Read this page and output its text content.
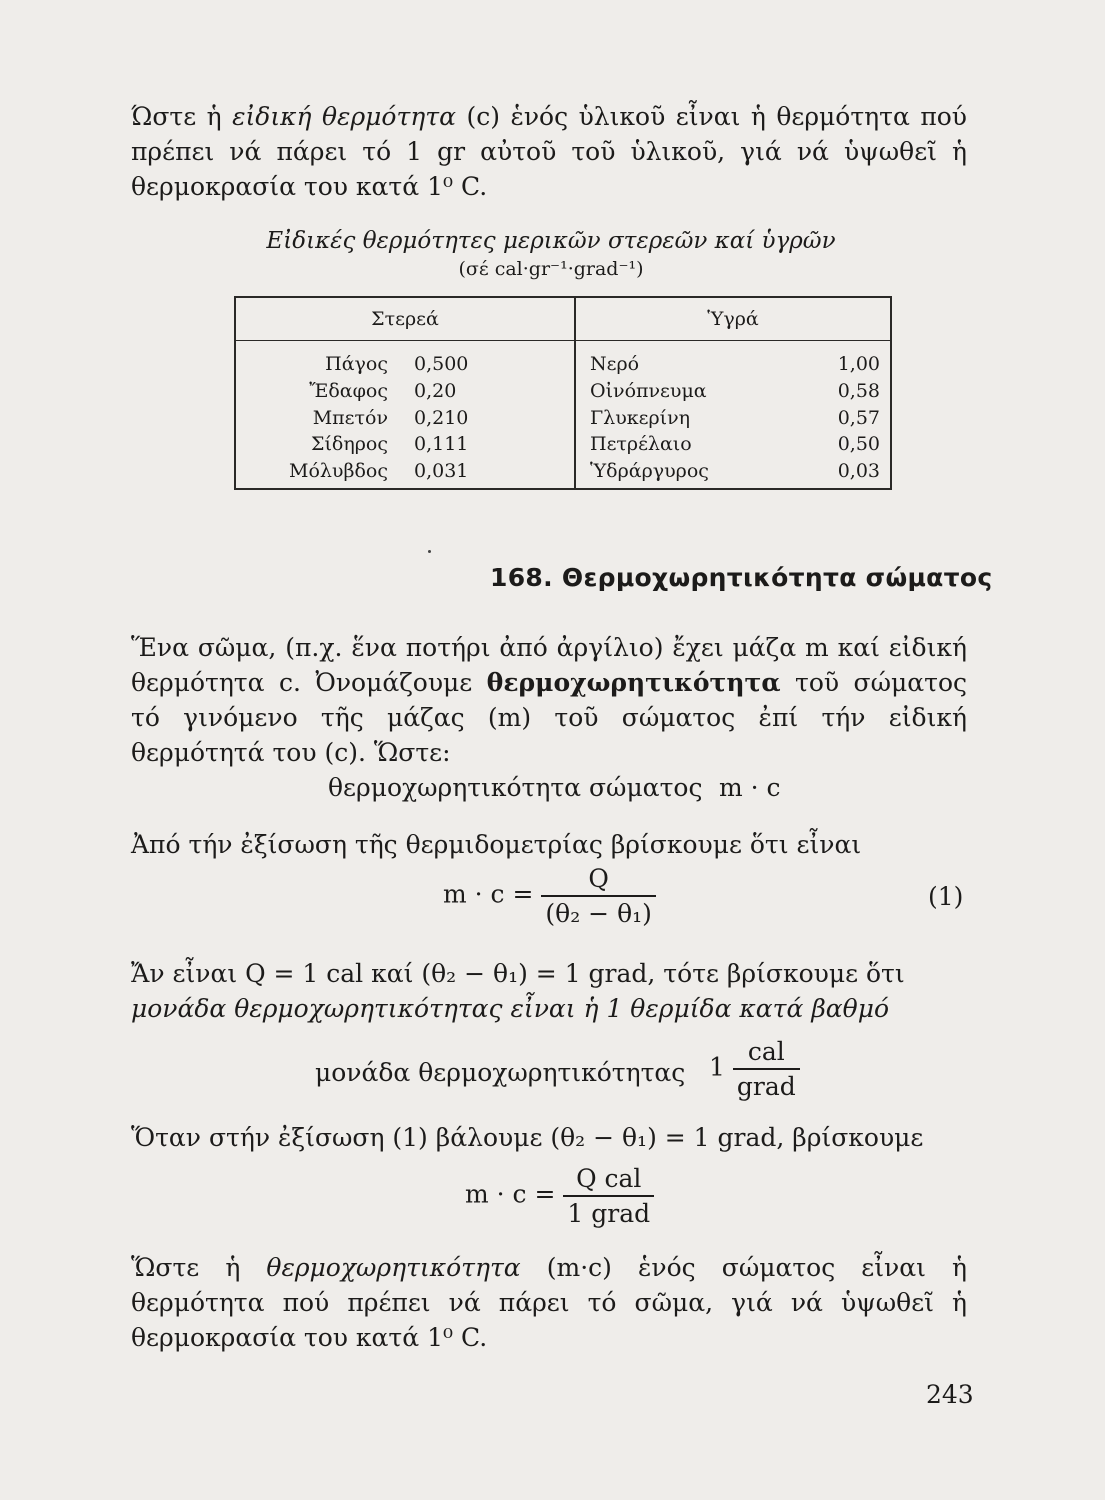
Ώστε ἡ εἰδική θερμότητα (c) ἑνός ὑλικοῦ εἶναι ἡ θερμότητα πού πρέπει νά πάρει τό 1 gr αὐτοῦ τοῦ ὑλικοῦ, γιά νά ὑψωθεῖ ἡ θερμοκρασία του κατά 1⁰ C.

Εἰδικές θερμότητες μερικῶν στερεῶν καί ὑγρῶν
(σέ cal·gr⁻¹·grad⁻¹)
Στερεά	Ὑγρά

Πάγος 0,500	Νερό 1,00

Ἔδαφος 0,20	Οἰνόπνευμα 0,58

Μπετόν 0,210	Γλυκερίνη 0,57

Σίδηρος 0,111	Πετρέλαιο 0,50

Μόλυβδος 0,031	Ὑδράργυρος 0,03
168. Θερμοχωρητικότητα σώματος

Ἕνα σῶμα, (π.χ. ἕνα ποτήρι ἀπό ἀργίλιο) ἔχει μάζα m καί εἰδική θερμότητα c. Ὀνομάζουμε θερμοχωρητικότητα τοῦ σώματος τό γινόμενο τῆς μάζας (m) τοῦ σώματος ἐπί τήν εἰδική θερμότητά του (c). Ὥστε:

θερμοχωρητικότητα σώματος m · c

Ἀπό τήν ἐξίσωση τῆς θερμιδομετρίας βρίσκουμε ὅτι εἶναι

$m \cdot c = \frac{Q}{\text{(θ₂ − θ₁)}}$	(1)

Ἄν εἶναι Q = 1 cal καί (θ₂ − θ₁) = 1 grad, τότε βρίσκουμε ὅτι

μονάδα θερμοχωρητικότητας εἶναι ἡ 1 θερμίδα κατά βαθμό

μονάδα θερμοχωρητικότητας $1 \frac{\text{cal}}{\text{grad}}$

Ὅταν στήν ἐξίσωση (1) βάλουμε (θ₂ − θ₁) = 1 grad, βρίσκουμε

$m \cdot c = \frac{\text{Q cal}}{\text{1 grad}}$

Ὥστε ἡ θερμοχωρητικότητα (m·c) ἑνός σώματος εἶναι ἡ θερμότητα πού πρέπει νά πάρει τό σῶμα, γιά νά ὑψωθεῖ ἡ θερμοκρασία του κατά 1⁰ C.

243
